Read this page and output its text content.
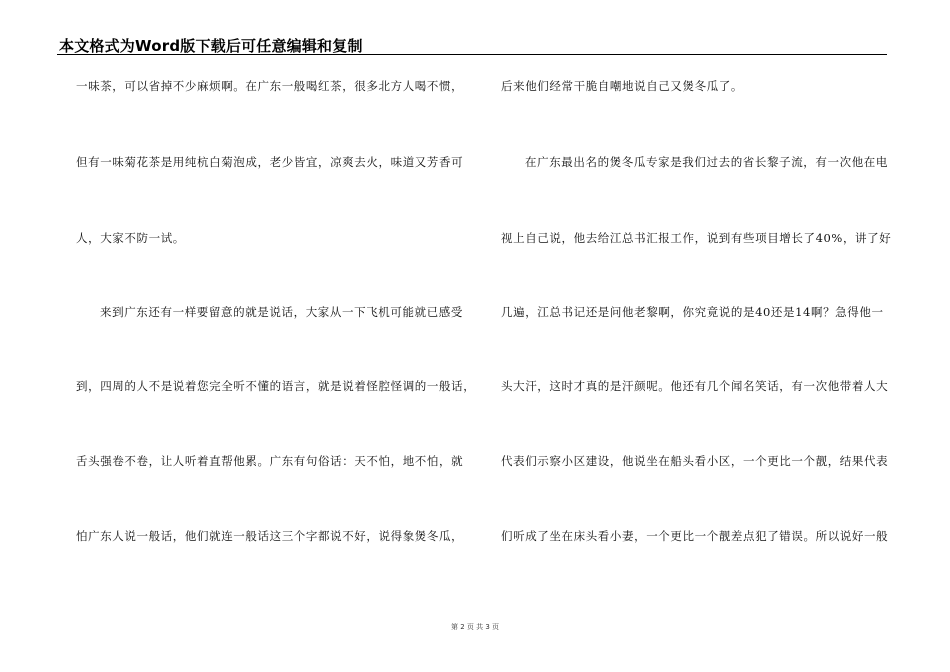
本文格式为Word版下载后可任意编辑和复制
一味茶，可以省掉不少麻烦啊。在广东一般喝红茶，很多北方人喝不惯，
但有一味菊花茶是用纯杭白菊泡成，老少皆宜，凉爽去火，味道又芳香可
人，大家不防一试。
来到广东还有一样要留意的就是说话，大家从一下飞机可能就已感受
到，四周的人不是说着您完全听不懂的语言，就是说着怪腔怪调的一般话，
舌头强卷不卷，让人听着直帮他累。广东有句俗话：天不怕，地不怕，就
怕广东人说一般话，他们就连一般话这三个字都说不好，说得象煲冬瓜，
后来他们经常干脆自嘲地说自己又煲冬瓜了。
在广东最出名的煲冬瓜专家是我们过去的省长黎子流，有一次他在电
视上自己说，他去给江总书汇报工作，说到有些项目增长了40%，讲了好
几遍，江总书记还是问他老黎啊，你究竟说的是40还是14啊？急得他一
头大汗，这时才真的是汗颜呢。他还有几个闻名笑话，有一次他带着人大
代表们示察小区建设，他说坐在船头看小区，一个更比一个靓，结果代表
们听成了坐在床头看小妻，一个更比一个靓差点犯了错误。所以说好一般
第 2 页 共 3 页
